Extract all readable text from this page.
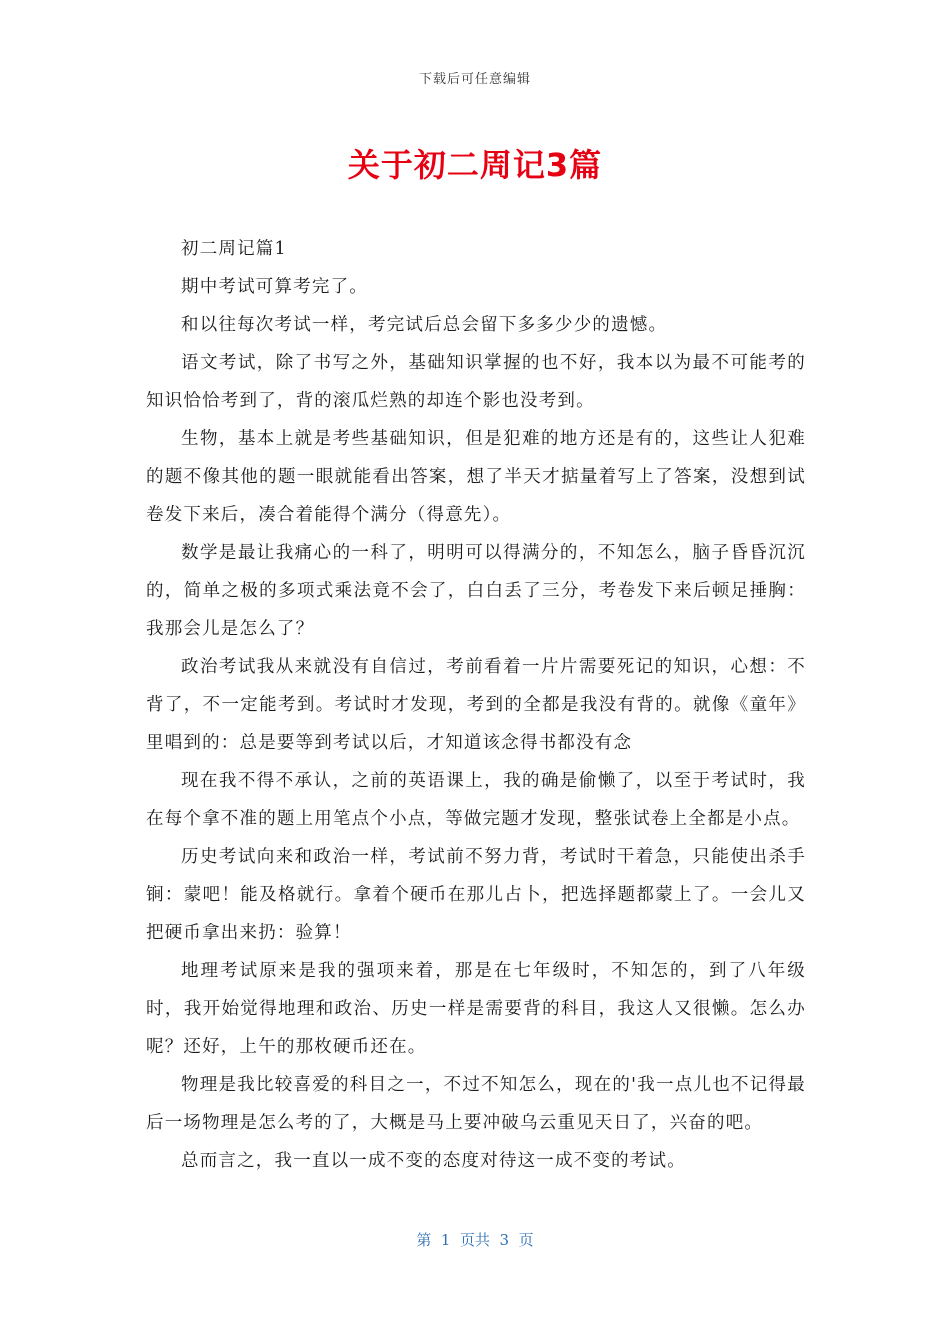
下载后可任意编辑
关于初二周记3篇

初二周记篇1

期中考试可算考完了。

和以往每次考试一样，考完试后总会留下多多少少的遗憾。

语文考试，除了书写之外，基础知识掌握的也不好，我本以为最不可能考的知识恰恰考到了，背的滚瓜烂熟的却连个影也没考到。

生物，基本上就是考些基础知识，但是犯难的地方还是有的，这些让人犯难的题不像其他的题一眼就能看出答案，想了半天才掂量着写上了答案，没想到试卷发下来后，凑合着能得个满分（得意先）。

数学是最让我痛心的一科了，明明可以得满分的，不知怎么，脑子昏昏沉沉的，简单之极的多项式乘法竟不会了，白白丢了三分，考卷发下来后顿足捶胸：我那会儿是怎么了？

政治考试我从来就没有自信过，考前看着一片片需要死记的知识，心想：不背了，不一定能考到。考试时才发现，考到的全都是我没有背的。就像《童年》里唱到的：总是要等到考试以后，才知道该念得书都没有念

现在我不得不承认，之前的英语课上，我的确是偷懒了，以至于考试时，我在每个拿不准的题上用笔点个小点，等做完题才发现，整张试卷上全都是小点。

历史考试向来和政治一样，考试前不努力背，考试时干着急，只能使出杀手锏：蒙吧！能及格就行。拿着个硬币在那儿占卜，把选择题都蒙上了。一会儿又把硬币拿出来扔：验算！

地理考试原来是我的强项来着，那是在七年级时，不知怎的，到了八年级时，我开始觉得地理和政治、历史一样是需要背的科目，我这人又很懒。怎么办呢？还好，上午的那枚硬币还在。

物理是我比较喜爱的科目之一，不过不知怎么，现在的'我一点儿也不记得最后一场物理是怎么考的了，大概是马上要冲破乌云重见天日了，兴奋的吧。

总而言之，我一直以一成不变的态度对待这一成不变的考试。

第  1  页共  3  页
